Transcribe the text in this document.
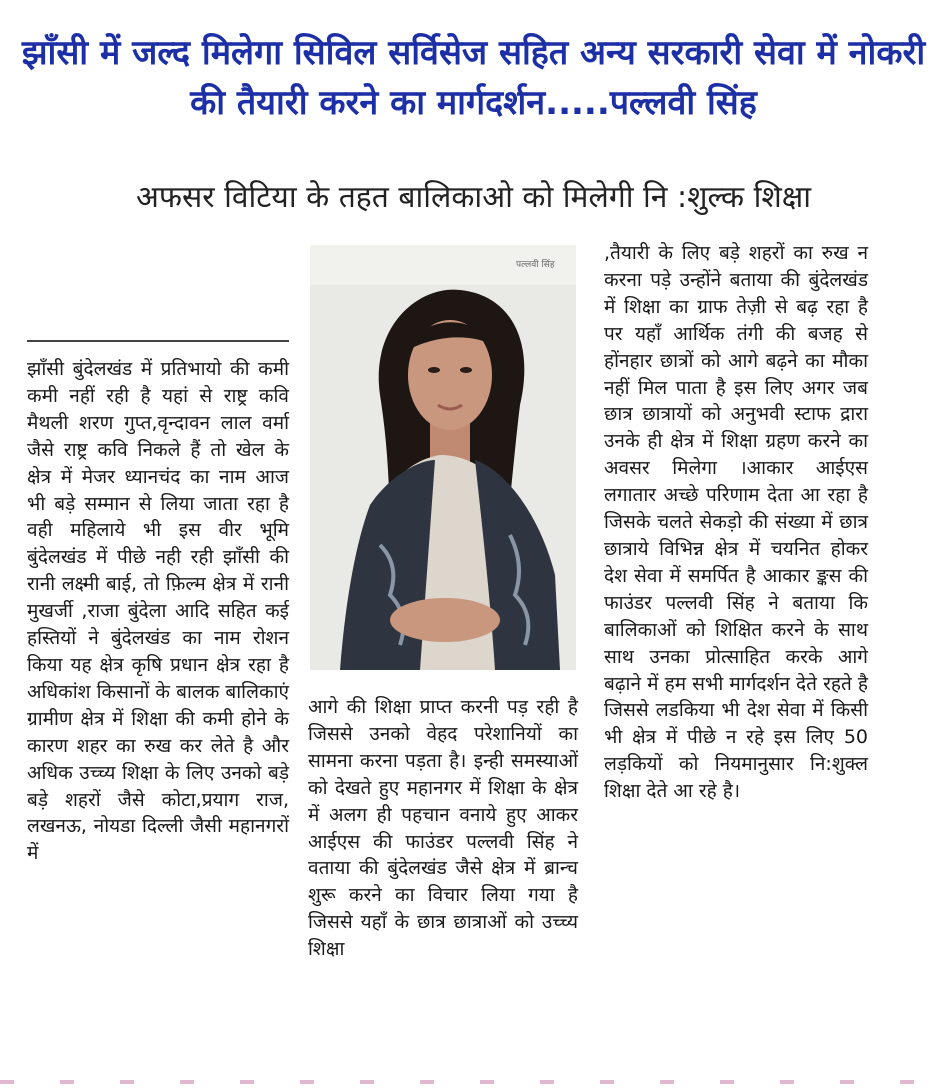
झाँसी में जल्द मिलेगा सिविल सर्विसेज सहित अन्य सरकारी सेवा में नोकरी की तैयारी करने का मार्गदर्शन.....पल्लवी सिंह
अफसर विटिया के तहत बालिकाओ को मिलेगी नि :शुल्क शिक्षा
झाँसी बुंदेलखंड में प्रतिभायो की कमी कमी नहीं रही है यहां से राष्ट्र कवि मैथली शरण गुप्त,वृन्दावन लाल वर्मा जैसे राष्ट्र कवि निकले हैं तो खेल के क्षेत्र में मेजर ध्यानचंद का नाम आज भी बड़े सम्मान से लिया जाता रहा है वही महिलाये भी इस वीर भूमि बुंदेलखंड में पीछे नही रही झाँसी की रानी लक्ष्मी बाई, तो फ़िल्म क्षेत्र में रानी मुखर्जी ,राजा बुंदेला आदि सहित कई हस्तियों ने बुंदेलखंड का नाम रोशन किया यह क्षेत्र कृषि प्रधान क्षेत्र रहा है अधिकांश किसानों के बालक बालिकाएं ग्रामीण क्षेत्र में शिक्षा की कमी होने के कारण शहर का रुख कर लेते है और अधिक उच्च्य शिक्षा के लिए उनको बड़े बड़े शहरों जैसे कोटा,प्रयाग राज, लखनऊ, नोयडा दिल्ली जैसी महानगरों में
पल्लवी सिंह
आगे की शिक्षा प्राप्त करनी पड़ रही है जिससे उनको वेहद परेशानियों का सामना करना पड़ता है। इन्ही समस्याओं को देखते हुए महानगर में शिक्षा के क्षेत्र में अलग ही पहचान वनाये हुए आकर आईएस की फाउंडर पल्लवी सिंह ने वताया की बुंदेलखंड जैसे क्षेत्र में ब्रान्च शुरू करने का विचार लिया गया है जिससे यहाँ के छात्र छात्राओं को उच्च्य शिक्षा
,तैयारी के लिए बड़े शहरों का रुख न करना पड़े उन्होंने बताया की बुंदेलखंड में शिक्षा का ग्राफ तेज़ी से बढ़ रहा है पर यहाँ आर्थिक तंगी की बजह से होंनहार छात्रों को आगे बढ़ने का मौका नहीं मिल पाता है इस लिए अगर जब छात्र छात्रायों को अनुभवी स्टाफ द्रारा उनके ही क्षेत्र में शिक्षा ग्रहण करने का अवसर मिलेगा ।आकार आईएस लगातार अच्छे परिणाम देता आ रहा है जिसके चलते सेकड़ो की संख्या में छात्र छात्राये विभिन्न क्षेत्र में चयनित होकर देश सेवा में समर्पित है आकार ङ्कस की फाउंडर पल्लवी सिंह ने बताया कि बालिकाओं को शिक्षित करने के साथ साथ उनका प्रोत्साहित करके आगे बढ़ाने में हम सभी मार्गदर्शन देते रहते है जिससे लडकिया भी देश सेवा में किसी भी क्षेत्र में पीछे न रहे इस लिए 50 लड़कियों को नियमानुसार नि:शुक्ल शिक्षा देते आ रहे है।
